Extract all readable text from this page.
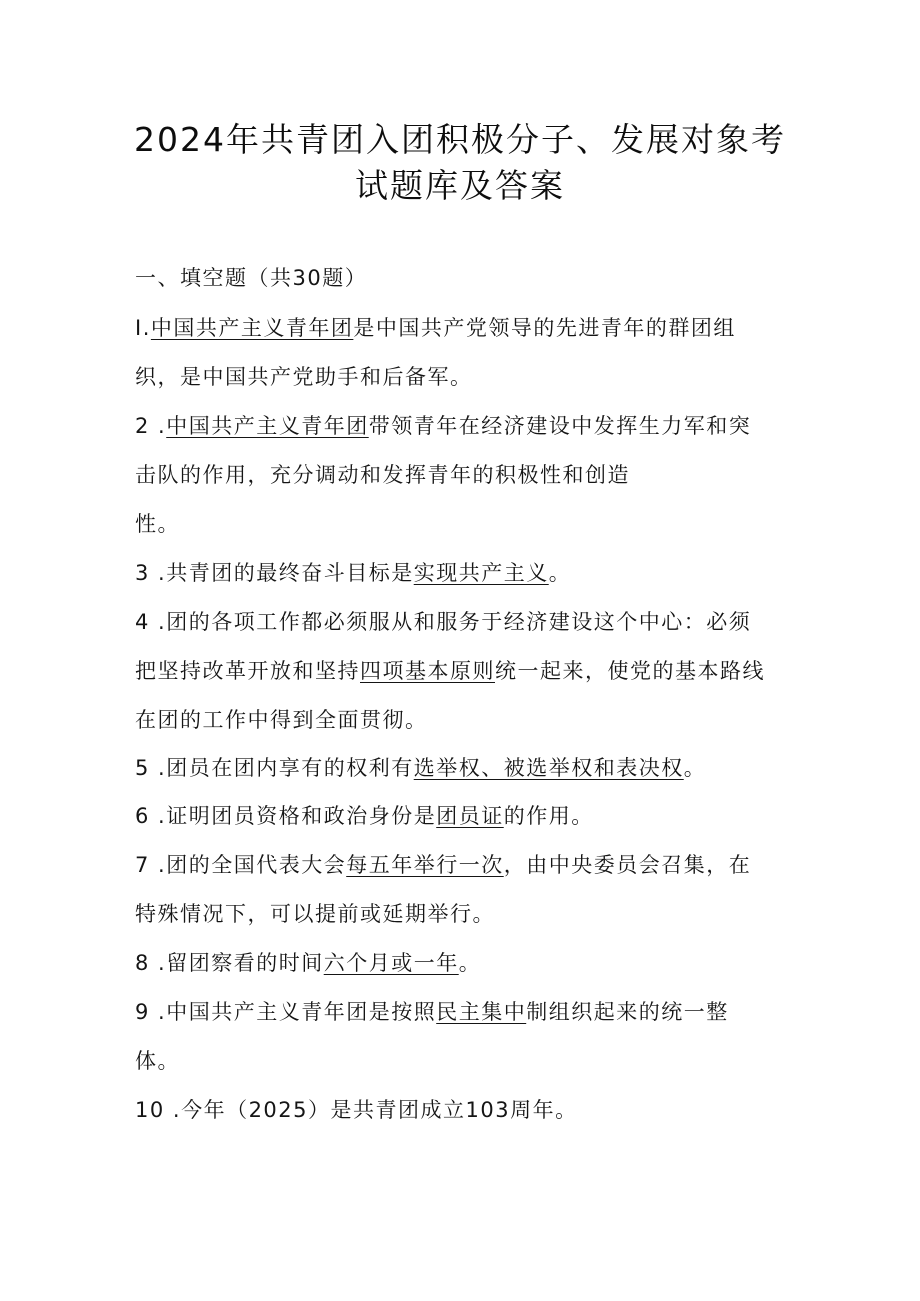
2024年共青团入团积极分子、发展对象考
试题库及答案
一、填空题（共30题）
I.中国共产主义青年团是中国共产党领导的先进青年的群团组
织，是中国共产党助手和后备军。
2 .中国共产主义青年团带领青年在经济建设中发挥生力军和突
击队的作用，充分调动和发挥青年的积极性和创造
性。
3 .共青团的最终奋斗目标是实现共产主义。
4 .团的各项工作都必须服从和服务于经济建设这个中心：必须
把坚持改革开放和坚持四项基本原则统一起来，使党的基本路线
在团的工作中得到全面贯彻。
5 .团员在团内享有的权利有选举权、被选举权和表决权。
6 .证明团员资格和政治身份是团员证的作用。
7 .团的全国代表大会每五年举行一次，由中央委员会召集，在
特殊情况下，可以提前或延期举行。
8 .留团察看的时间六个月或一年。
9 .中国共产主义青年团是按照民主集中制组织起来的统一整
体。
10 .今年（2025）是共青团成立103周年。
